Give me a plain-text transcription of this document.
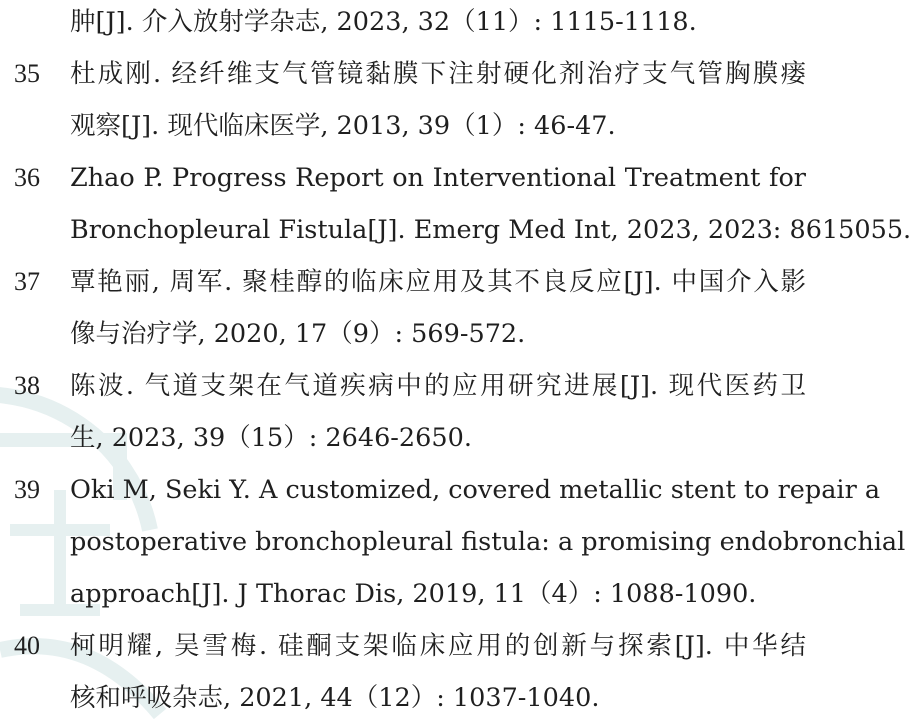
肿[J]. 介入放射学杂志, 2023, 32（11）: 1115-1118.
35	杜成刚. 经纤维支气管镜黏膜下注射硬化剂治疗支气管胸膜瘘
观察[J]. 现代临床医学, 2013, 39（1）: 46-47.
36	Zhao P. Progress Report on Interventional Treatment for
Bronchopleural Fistula[J]. Emerg Med Int, 2023, 2023: 8615055.
37	覃艳丽, 周军. 聚桂醇的临床应用及其不良反应[J]. 中国介入影
像与治疗学, 2020, 17（9）: 569-572.
38	陈波. 气道支架在气道疾病中的应用研究进展[J]. 现代医药卫
生, 2023, 39（15）: 2646-2650.
39	Oki M, Seki Y. A customized, covered metallic stent to repair a
postoperative bronchopleural fistula: a promising endobronchial
approach[J]. J Thorac Dis, 2019, 11（4）: 1088-1090.
40	柯明耀, 吴雪梅. 硅酮支架临床应用的创新与探索[J]. 中华结
核和呼吸杂志, 2021, 44（12）: 1037-1040.
